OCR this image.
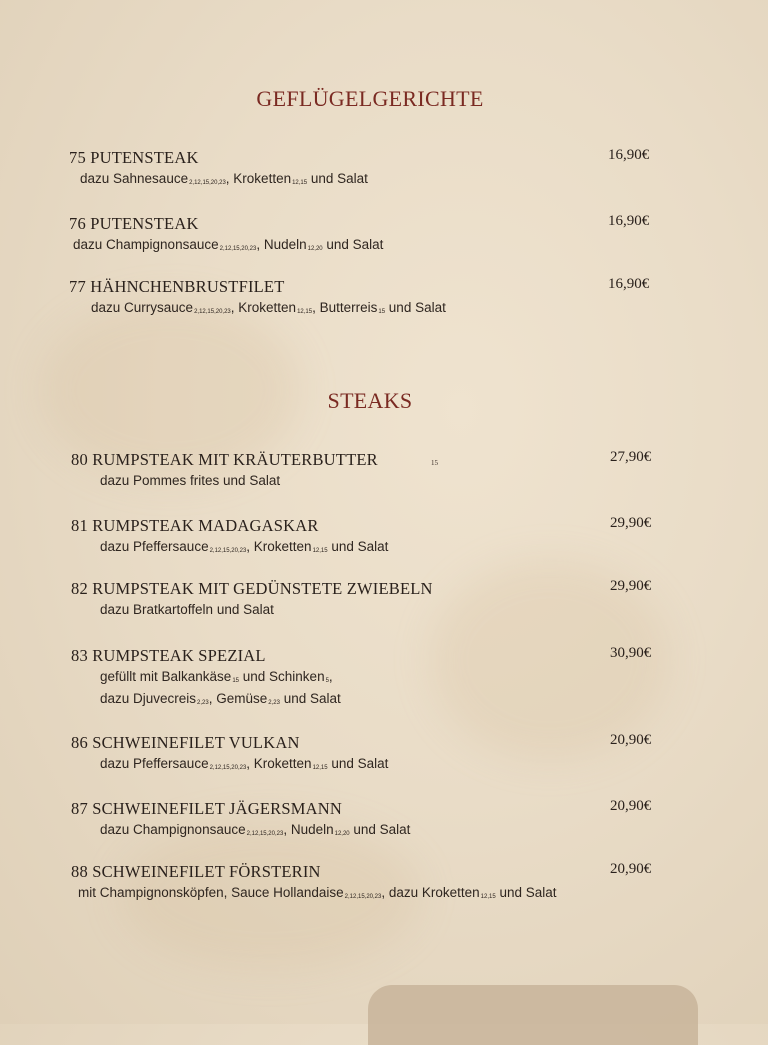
GEFLÜGELGERICHTE
75 PUTENSTEAK	16,90€
dazu Sahnesauce$_{2,12,15,20,23}$, Kroketten$_{12,15}$ und Salat
76 PUTENSTEAK	16,90€
dazu Champignonsauce$_{2,12,15,20,23}$, Nudeln$_{12,20}$ und Salat
77 HÄHNCHENBRUSTFILET	16,90€
dazu Currysauce$_{2,12,15,20,23}$, Kroketten$_{12,15}$, Butterreis$_{15}$ und Salat
STEAKS
80 RUMPSTEAK MIT KRÄUTERBUTTER	15	27,90€
dazu Pommes frites und Salat
81 RUMPSTEAK MADAGASKAR	29,90€
dazu Pfeffersauce$_{2,12,15,20,23}$, Kroketten$_{12,15}$ und Salat
82 RUMPSTEAK MIT GEDÜNSTETE ZWIEBELN	29,90€
dazu Bratkartoffeln und Salat
83 RUMPSTEAK SPEZIAL	30,90€
gefüllt mit Balkankäse$_{15}$ und Schinken$_5$,
dazu Djuvecreis$_{2,23}$, Gemüse$_{2,23}$ und Salat
86 SCHWEINEFILET VULKAN	20,90€
dazu Pfeffersauce$_{2,12,15,20,23}$, Kroketten$_{12,15}$ und Salat
87 SCHWEINEFILET JÄGERSMANN	20,90€
dazu Champignonsauce$_{2,12,15,20,23}$, Nudeln$_{12,20}$ und Salat
88 SCHWEINEFILET FÖRSTERIN	20,90€
mit Champignonsköpfen, Sauce Hollandaise$_{2,12,15,20,23}$, dazu Kroketten$_{12,15}$ und Salat
